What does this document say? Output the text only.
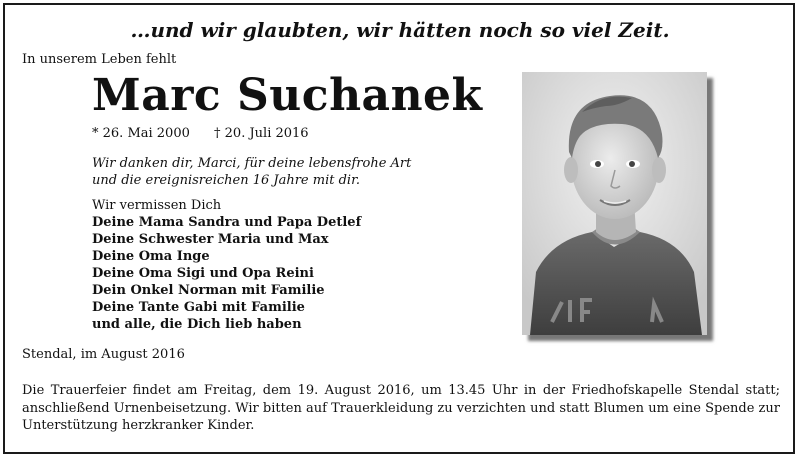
…und wir glaubten, wir hätten noch so viel Zeit.
In unserem Leben fehlt
Marc Suchanek
* 26. Mai 2000 † 20. Juli 2016
Wir danken dir, Marci, für deine lebensfrohe Art
und die ereignisreichen 16 Jahre mit dir.
Wir vermissen Dich
Deine Mama Sandra und Papa Detlef
Deine Schwester Maria und Max
Deine Oma Inge
Deine Oma Sigi und Opa Reini
Dein Onkel Norman mit Familie
Deine Tante Gabi mit Familie
und alle, die Dich lieb haben
Stendal, im August 2016
Die Trauerfeier findet am Freitag, dem 19. August 2016, um 13.45 Uhr in der Friedhofskapelle Stendal statt; anschließend Urnenbeisetzung. Wir bitten auf Trauerkleidung zu verzichten und statt Blumen um eine Spende zur Unterstützung herzkranker Kinder.
